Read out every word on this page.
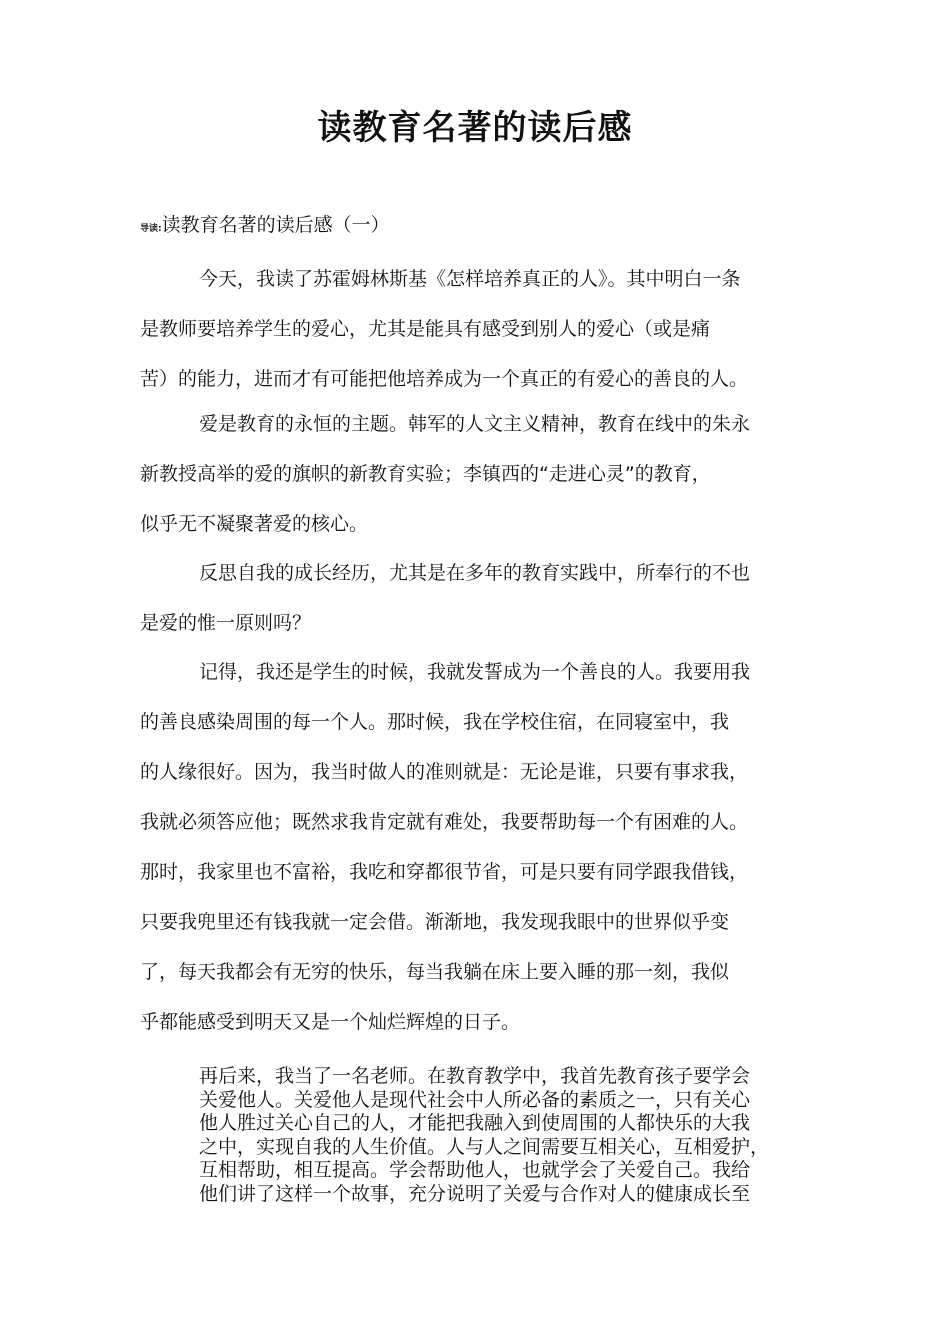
读教育名著的读后感
导读:读教育名著的读后感（一）
今天，我读了苏霍姆林斯基《怎样培养真正的人》。其中明白一条
是教师要培养学生的爱心，尤其是能具有感受到别人的爱心（或是痛
苦）的能力，进而才有可能把他培养成为一个真正的有爱心的善良的人。
爱是教育的永恒的主题。韩军的人文主义精神，教育在线中的朱永
新教授高举的爱的旗帜的新教育实验；李镇西的“走进心灵”的教育，
似乎无不凝聚著爱的核心。
反思自我的成长经历，尤其是在多年的教育实践中，所奉行的不也
是爱的惟一原则吗？
记得，我还是学生的时候，我就发誓成为一个善良的人。我要用我
的善良感染周围的每一个人。那时候，我在学校住宿，在同寝室中，我
的人缘很好。因为，我当时做人的准则就是：无论是谁，只要有事求我，
我就必须答应他；既然求我肯定就有难处，我要帮助每一个有困难的人。
那时，我家里也不富裕，我吃和穿都很节省，可是只要有同学跟我借钱，
只要我兜里还有钱我就一定会借。渐渐地，我发现我眼中的世界似乎变
了，每天我都会有无穷的快乐，每当我躺在床上要入睡的那一刻，我似
乎都能感受到明天又是一个灿烂辉煌的日子。
再后来，我当了一名老师。在教育教学中，我首先教育孩子要学会
关爱他人。关爱他人是现代社会中人所必备的素质之一，只有关心
他人胜过关心自己的人，才能把我融入到使周围的人都快乐的大我
之中，实现自我的人生价值。人与人之间需要互相关心，互相爱护，
互相帮助，相互提高。学会帮助他人，也就学会了关爱自己。我给
他们讲了这样一个故事，充分说明了关爱与合作对人的健康成长至
